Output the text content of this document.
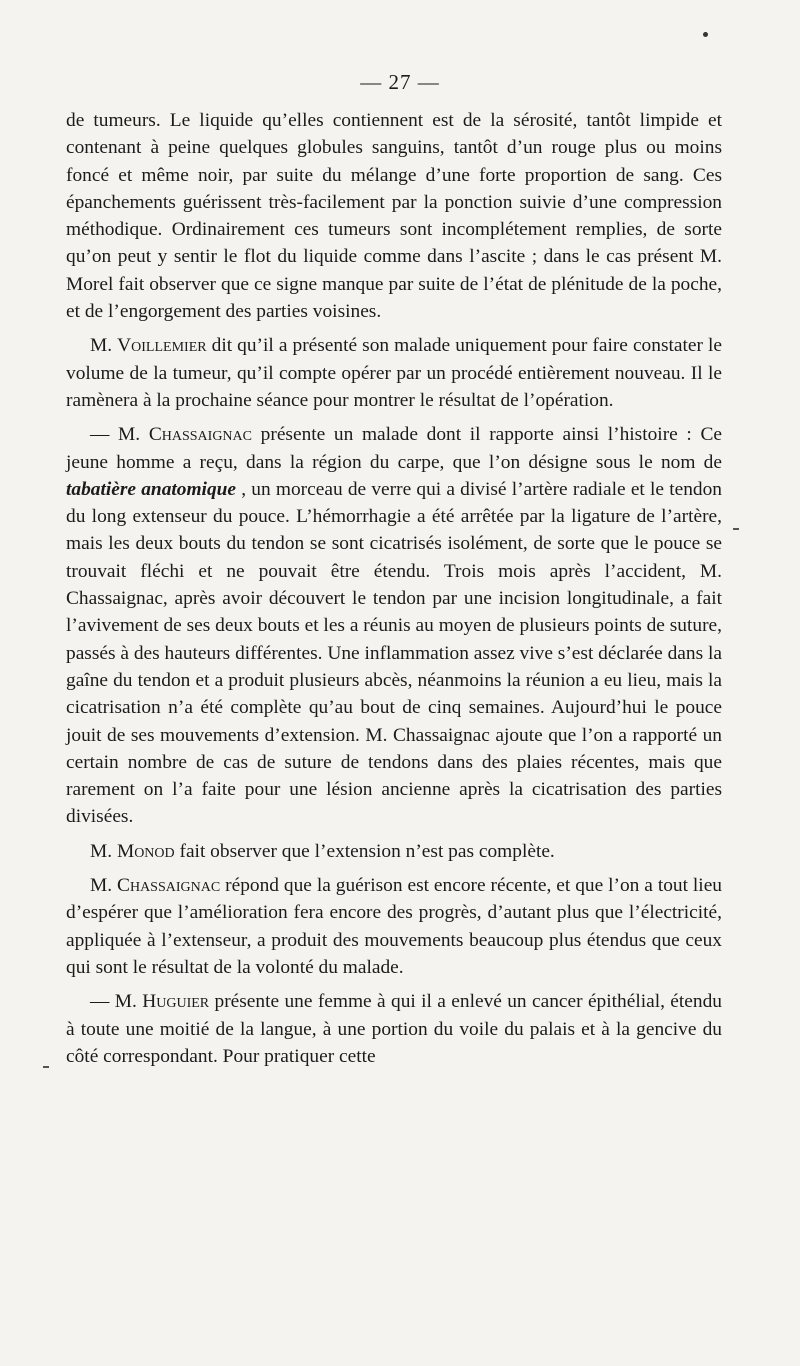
— 27 —

de tumeurs. Le liquide qu’elles contiennent est de la sérosité, tantôt limpide et contenant à peine quelques globules sanguins, tantôt d’un rouge plus ou moins foncé et même noir, par suite du mélange d’une forte proportion de sang. Ces épanchements guérissent très-facilement par la ponction suivie d’une compression méthodique. Ordinairement ces tumeurs sont incomplétement remplies, de sorte qu’on peut y sentir le flot du liquide comme dans l’ascite ; dans le cas présent M. Morel fait observer que ce signe manque par suite de l’état de plénitude de la poche, et de l’engorgement des parties voisines.

M. Voillemier dit qu’il a présenté son malade uniquement pour faire constater le volume de la tumeur, qu’il compte opérer par un procédé entièrement nouveau. Il le ramènera à la prochaine séance pour montrer le résultat de l’opération.

— M. Chassaignac présente un malade dont il rapporte ainsi l’histoire : Ce jeune homme a reçu, dans la région du carpe, que l’on désigne sous le nom de tabatière anatomique , un morceau de verre qui a divisé l’artère radiale et le tendon du long extenseur du pouce. L’hémorrhagie a été arrêtée par la ligature de l’artère, mais les deux bouts du tendon se sont cicatrisés isolément, de sorte que le pouce se trouvait fléchi et ne pouvait être étendu. Trois mois après l’accident, M. Chassaignac, après avoir découvert le tendon par une incision longitudinale, a fait l’avivement de ses deux bouts et les a réunis au moyen de plusieurs points de suture, passés à des hauteurs différentes. Une inflammation assez vive s’est déclarée dans la gaîne du tendon et a produit plusieurs abcès, néanmoins la réunion a eu lieu, mais la cicatrisation n’a été complète qu’au bout de cinq semaines. Aujourd’hui le pouce jouit de ses mouvements d’extension. M. Chassaignac ajoute que l’on a rapporté un certain nombre de cas de suture de tendons dans des plaies récentes, mais que rarement on l’a faite pour une lésion ancienne après la cicatrisation des parties divisées.

M. Monod fait observer que l’extension n’est pas complète.

M. Chassaignac répond que la guérison est encore récente, et que l’on a tout lieu d’espérer que l’amélioration fera encore des progrès, d’autant plus que l’électricité, appliquée à l’extenseur, a produit des mouvements beaucoup plus étendus que ceux qui sont le résultat de la volonté du malade.

— M. Huguier présente une femme à qui il a enlevé un cancer épithélial, étendu à toute une moitié de la langue, à une portion du voile du palais et à la gencive du côté correspondant. Pour pratiquer cette
